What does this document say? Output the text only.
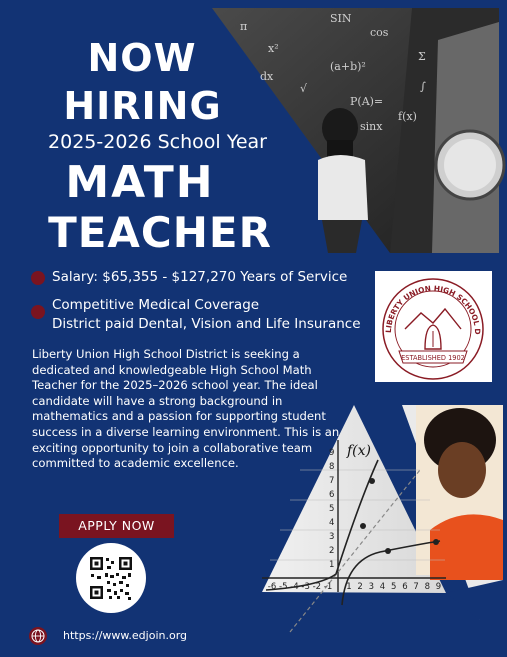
SIN
cos
π
x²
(a+b)²
Σ
√
P(A)=
f(x)
sinx
∫
dx
f(x)
-6 -5 -4 -3 -2 -1 1 2 3 4 5 6 7 8 9
9
8
7
6
5
4
3
2
1
NOW
HIRING
2025-2026 School Year
MATH
TEACHER
Salary: $65,355 - $127,270 Years of Service
Competitive Medical Coverage
District paid Dental, Vision and Life Insurance	LIBERTY UNION HIGH SCHOOL D
ESTABLISHED 1902
Liberty Union High School District is seeking a dedicated and knowledgeable High School Math Teacher for the 2025–2026 school year. The ideal candidate will have a strong background in mathematics and a passion for supporting student success in a diverse learning environment. This is an exciting opportunity to join a collaborative team committed to academic excellence.
APPLY NOW
https://www.edjoin.org
